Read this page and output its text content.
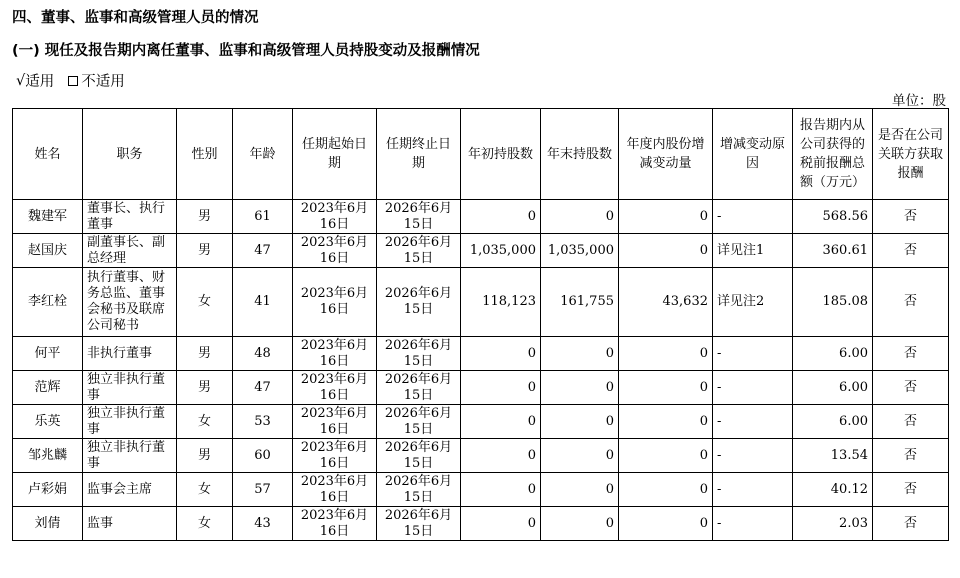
四、董事、监事和高级管理人员的情况
(一) 现任及报告期内离任董事、监事和高级管理人员持股变动及报酬情况
√ 适用 不适用
单位：股
姓名	职务	性别	年龄	任期起始日期	任期终止日期	年初持股数	年末持股数	年度内股份增减变动量	增减变动原因	报告期内从公司获得的税前报酬总额（万元）	是否在公司关联方获取报酬
魏建军	董事长、执行董事	男	61	2023年6月16日	2026年6月15日	0	0	0	-	568.56	否
赵国庆	副董事长、副总经理	男	47	2023年6月16日	2026年6月15日	1,035,000	1,035,000	0	详见注1	360.61	否
李红栓	执行董事、财务总监、董事会秘书及联席公司秘书	女	41	2023年6月16日	2026年6月15日	118,123	161,755	43,632	详见注2	185.08	否
何平	非执行董事	男	48	2023年6月16日	2026年6月15日	0	0	0	-	6.00	否
范辉	独立非执行董事	男	47	2023年6月16日	2026年6月15日	0	0	0	-	6.00	否
乐英	独立非执行董事	女	53	2023年6月16日	2026年6月15日	0	0	0	-	6.00	否
邹兆麟	独立非执行董事	男	60	2023年6月16日	2026年6月15日	0	0	0	-	13.54	否
卢彩娟	监事会主席	女	57	2023年6月16日	2026年6月15日	0	0	0	-	40.12	否
刘倩	监事	女	43	2023年6月16日	2026年6月15日	0	0	0	-	2.03	否
